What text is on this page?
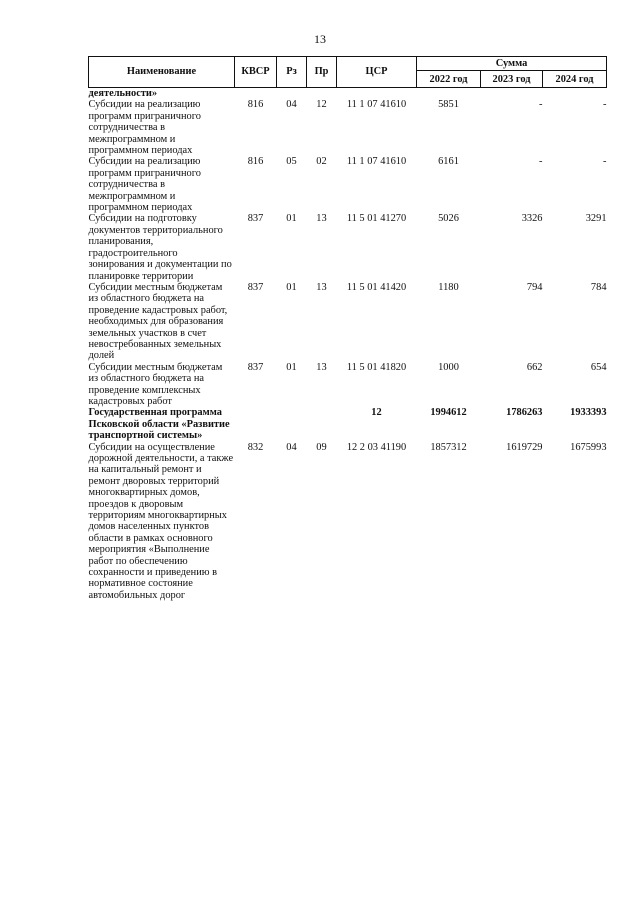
13
Наименование	КВСР	Рз	Пр	ЦСР	Сумма		
					2022 год	2023 год	2024 год
деятельности»							
Субсидии на реализацию программ приграничного сотрудничества в межпрограммном и программном периодах	816	04	12	11 1 07 41610	5851	-	-
Субсидии на реализацию программ приграничного сотрудничества в межпрограммном и программном периодах	816	05	02	11 1 07 41610	6161	-	-
Субсидии на подготовку документов территориального планирования, градостроительного зонирования и документации по планировке территории	837	01	13	11 5 01 41270	5026	3326	3291
Субсидии местным бюджетам из областного бюджета на проведение кадастровых работ, необходимых для образования земельных участков в счет невостребованных земельных долей	837	01	13	11 5 01 41420	1180	794	784
Субсидии местным бюджетам из областного бюджета на проведение комплексных кадастровых работ	837	01	13	11 5 01 41820	1000	662	654
Государственная программа Псковской области «Развитие транспортной системы»				12	1994612	1786263	1933393
Субсидии на осуществление дорожной деятельности, а также на капитальный ремонт и ремонт дворовых территорий многоквартирных домов, проездов к дворовым территориям многоквартирных домов населенных пунктов области в рамках основного мероприятия «Выполнение работ по обеспечению сохранности и приведению в нормативное состояние автомобильных дорог	832	04	09	12 2 03 41190	1857312	1619729	1675993
